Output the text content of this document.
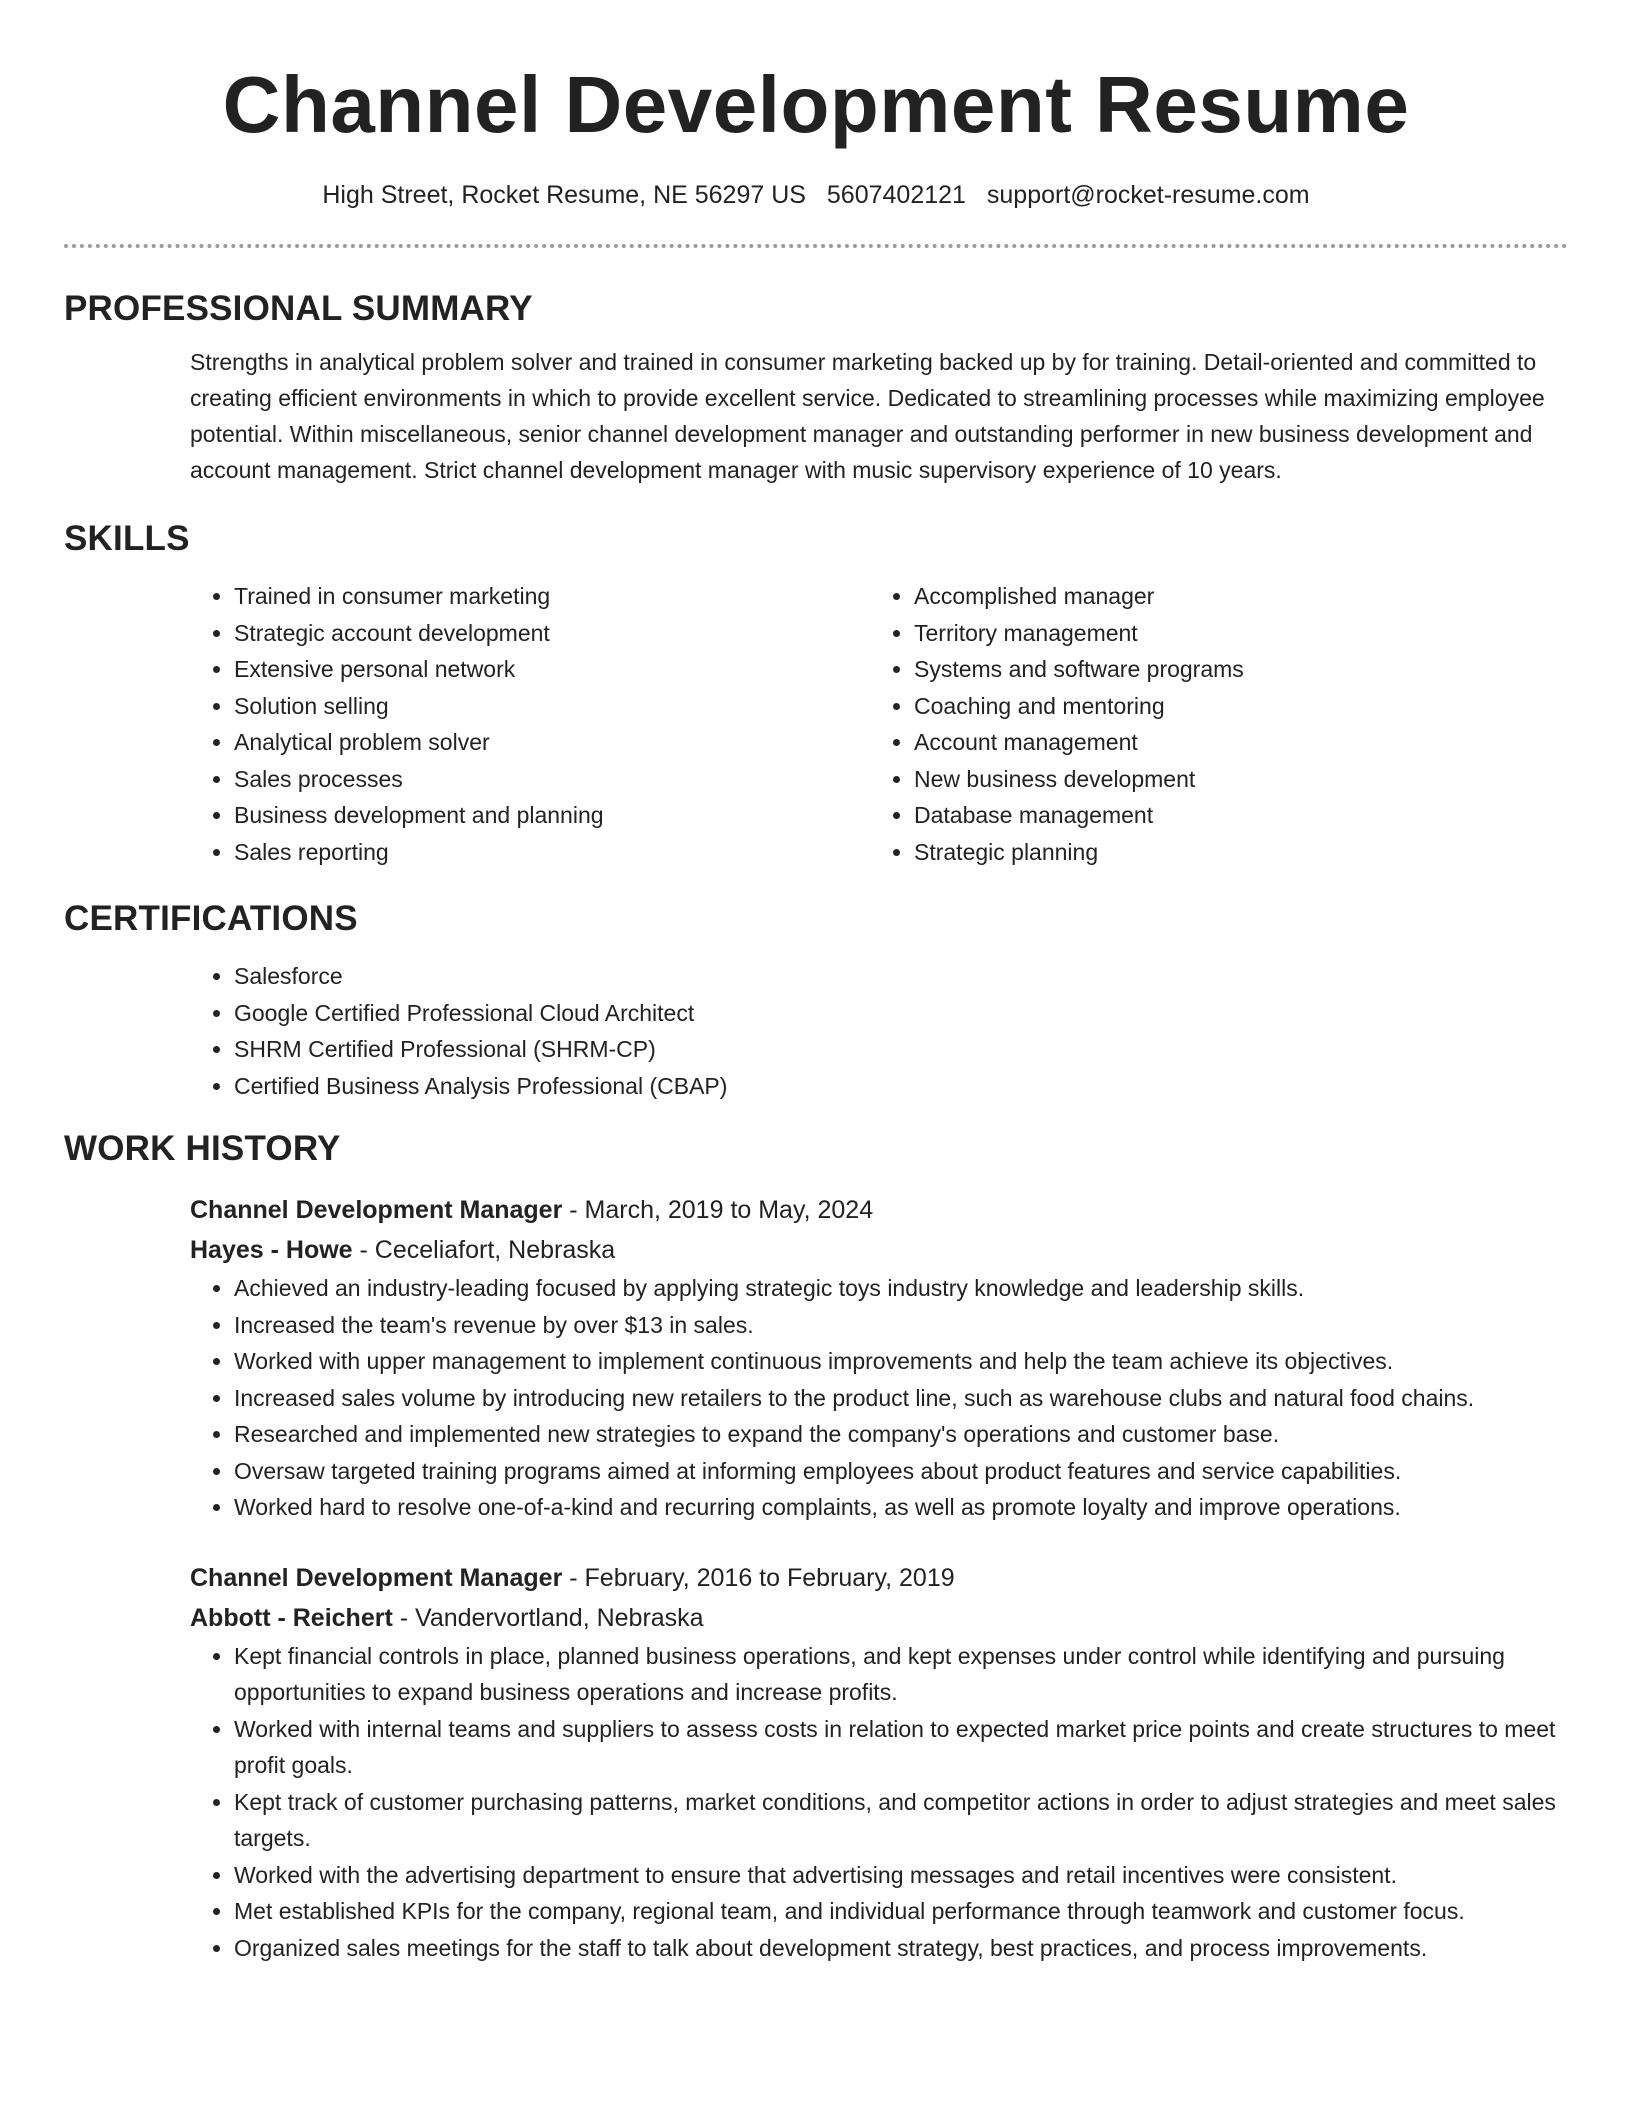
Channel Development Resume
High Street, Rocket Resume, NE 56297 US 5607402121 support@rocket-resume.com
PROFESSIONAL SUMMARY

Strengths in analytical problem solver and trained in consumer marketing backed up by for training. Detail-oriented and committed to creating efficient environments in which to provide excellent service. Dedicated to streamlining processes while maximizing employee potential. Within miscellaneous, senior channel development manager and outstanding performer in new business development and account management. Strict channel development manager with music supervisory experience of 10 years.

SKILLS
• Trained in consumer marketing
• Strategic account development
• Extensive personal network
• Solution selling
• Analytical problem solver
• Sales processes
• Business development and planning
• Sales reporting
• Accomplished manager
• Territory management
• Systems and software programs
• Coaching and mentoring
• Account management
• New business development
• Database management
• Strategic planning
CERTIFICATIONS
• Salesforce
• Google Certified Professional Cloud Architect
• SHRM Certified Professional (SHRM-CP)
• Certified Business Analysis Professional (CBAP)
WORK HISTORY
Channel Development Manager - March, 2019 to May, 2024
Hayes - Howe - Ceceliafort, Nebraska
• Achieved an industry-leading focused by applying strategic toys industry knowledge and leadership skills.
• Increased the team's revenue by over $13 in sales.
• Worked with upper management to implement continuous improvements and help the team achieve its objectives.
• Increased sales volume by introducing new retailers to the product line, such as warehouse clubs and natural food chains.
• Researched and implemented new strategies to expand the company's operations and customer base.
• Oversaw targeted training programs aimed at informing employees about product features and service capabilities.
• Worked hard to resolve one-of-a-kind and recurring complaints, as well as promote loyalty and improve operations.
Channel Development Manager - February, 2016 to February, 2019
Abbott - Reichert - Vandervortland, Nebraska
• Kept financial controls in place, planned business operations, and kept expenses under control while identifying and pursuing opportunities to expand business operations and increase profits.
• Worked with internal teams and suppliers to assess costs in relation to expected market price points and create structures to meet profit goals.
• Kept track of customer purchasing patterns, market conditions, and competitor actions in order to adjust strategies and meet sales targets.
• Worked with the advertising department to ensure that advertising messages and retail incentives were consistent.
• Met established KPIs for the company, regional team, and individual performance through teamwork and customer focus.
• Organized sales meetings for the staff to talk about development strategy, best practices, and process improvements.
